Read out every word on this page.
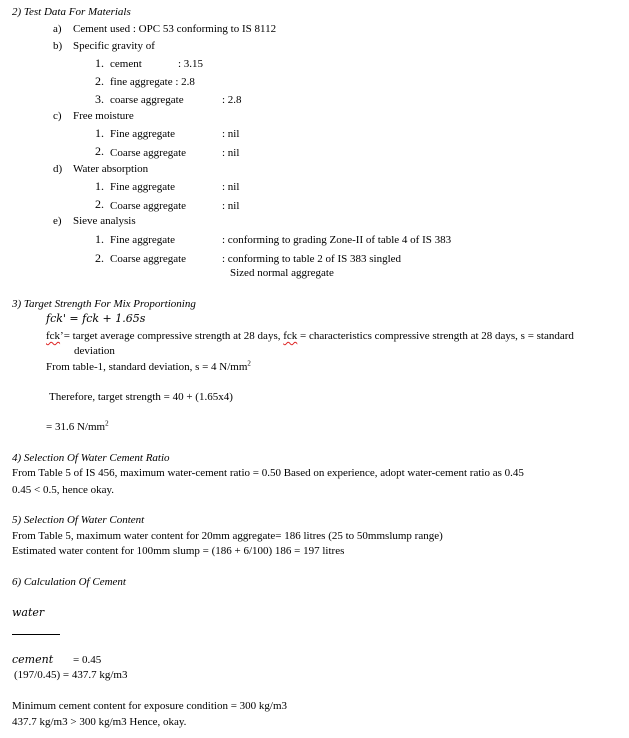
2) Test Data For Materials
a) Cement used : OPC 53 conforming to IS 8112
b) Specific gravity of
1. cement	: 3.15
2. fine aggregate : 2.8
3. coarse aggregate	: 2.8
c) Free moisture
1. Fine aggregate	: nil
2. Coarse aggregate	: nil
d) Water absorption
1. Fine aggregate	: nil
2. Coarse aggregate	: nil
e) Sieve analysis
1. Fine aggregate	: conforming to grading Zone-II of table 4 of IS 383
2. Coarse aggregate	: conforming to table 2 of IS 383 singled
Sized normal aggregate
3) Target Strength For Mix Proportioning
fck' = fck + 1.65s
fck’= target average compressive strength at 28 days, fck = characteristics compressive strength at 28 days, s = standard
deviation
From table-1, standard deviation, s = 4 $N/mm^2$
Therefore, target strength = 40 + (1.65x4)
= 31.6 $N/mm^2$
4) Selection Of Water Cement Ratio
From Table 5 of IS 456, maximum water-cement ratio = 0.50 Based on experience, adopt water-cement ratio as 0.45
0.45 < 0.5, hence okay.
5) Selection Of Water Content
From Table 5, maximum water content for 20mm aggregate= 186 litres (25 to 50mmslump range)
Estimated water content for 100mm slump = (186 + 6/100) 186 = 197 litres
6) Calculation Of Cement
water
cement = 0.45
(197/0.45) = 437.7 kg/m3
Minimum cement content for exposure condition = 300 kg/m3
437.7 kg/m3 > 300 kg/m3 Hence, okay.
